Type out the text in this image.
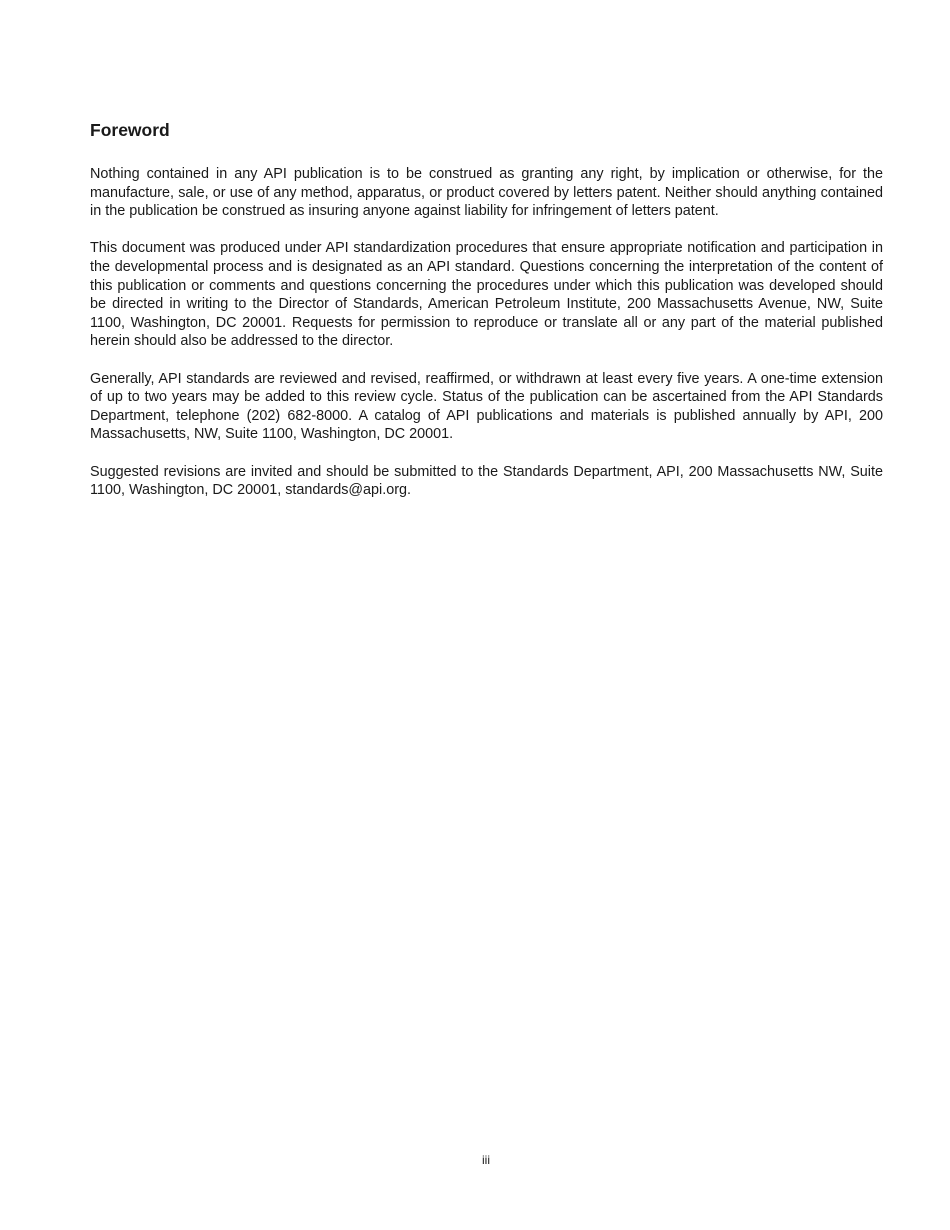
Foreword

Nothing contained in any API publication is to be construed as granting any right, by implication or otherwise, for the manufacture, sale, or use of any method, apparatus, or product covered by letters patent. Neither should anything contained in the publication be construed as insuring anyone against liability for infringement of letters patent.

This document was produced under API standardization procedures that ensure appropriate notification and participation in the developmental process and is designated as an API standard. Questions concerning the interpretation of the content of this publication or comments and questions concerning the procedures under which this publication was developed should be directed in writing to the Director of Standards, American Petroleum Institute, 200 Massachusetts Avenue, NW, Suite 1100, Washington, DC 20001. Requests for permission to reproduce or translate all or any part of the material published herein should also be addressed to the director.

Generally, API standards are reviewed and revised, reaffirmed, or withdrawn at least every five years. A one-time extension of up to two years may be added to this review cycle. Status of the publication can be ascertained from the API Standards Department, telephone (202) 682-8000. A catalog of API publications and materials is published annually by API, 200 Massachusetts, NW, Suite 1100, Washington, DC 20001.

Suggested revisions are invited and should be submitted to the Standards Department, API, 200 Massachusetts NW, Suite 1100, Washington, DC 20001, standards@api.org.

iii
